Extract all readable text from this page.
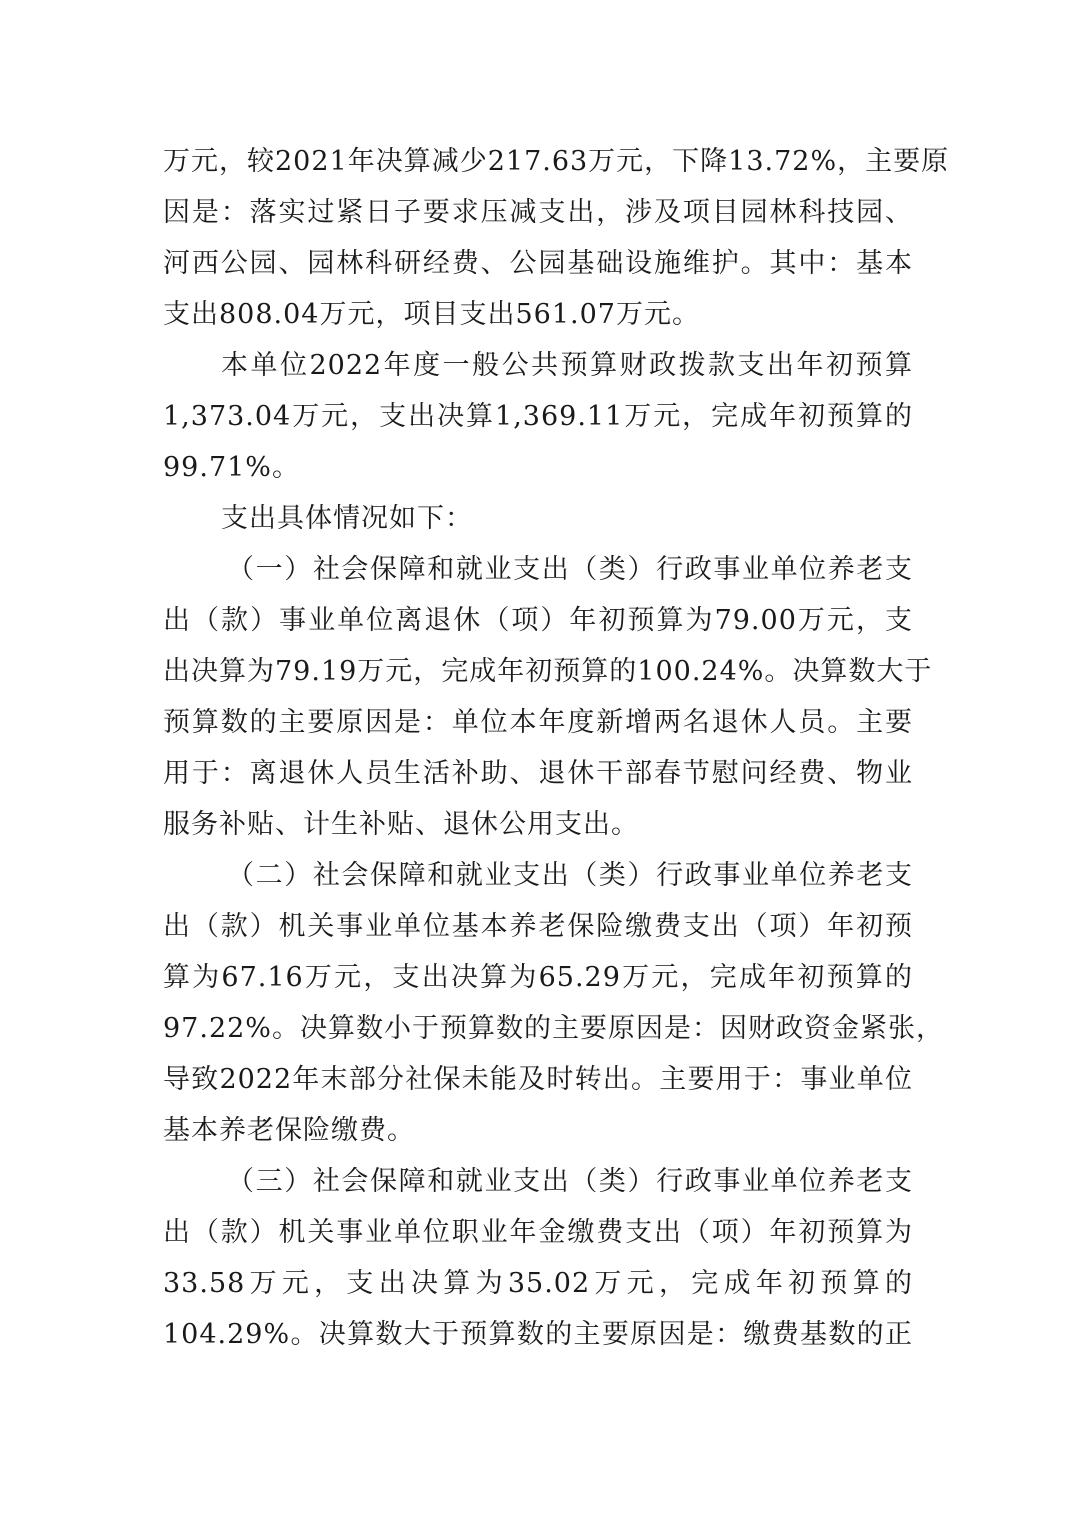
万元，较2021年决算减少217.63万元，下降13.72%，主要原
因是：落实过紧日子要求压减支出，涉及项目园林科技园、
河西公园、园林科研经费、公园基础设施维护。其中：基本
支出808.04万元，项目支出561.07万元。
本单位2022年度一般公共预算财政拨款支出年初预算
1,373.04万元，支出决算1,369.11万元，完成年初预算的
99.71%。
支出具体情况如下：
（一）社会保障和就业支出（类）行政事业单位养老支
出（款）事业单位离退休（项）年初预算为79.00万元，支
出决算为79.19万元，完成年初预算的100.24%。决算数大于
预算数的主要原因是：单位本年度新增两名退休人员。主要
用于：离退休人员生活补助、退休干部春节慰问经费、物业
服务补贴、计生补贴、退休公用支出。
（二）社会保障和就业支出（类）行政事业单位养老支
出（款）机关事业单位基本养老保险缴费支出（项）年初预
算为67.16万元，支出决算为65.29万元，完成年初预算的
97.22%。决算数小于预算数的主要原因是：因财政资金紧张，
导致2022年末部分社保未能及时转出。主要用于：事业单位
基本养老保险缴费。
（三）社会保障和就业支出（类）行政事业单位养老支
出（款）机关事业单位职业年金缴费支出（项）年初预算为
33.58万元，支出决算为35.02万元，完成年初预算的
104.29%。决算数大于预算数的主要原因是：缴费基数的正
